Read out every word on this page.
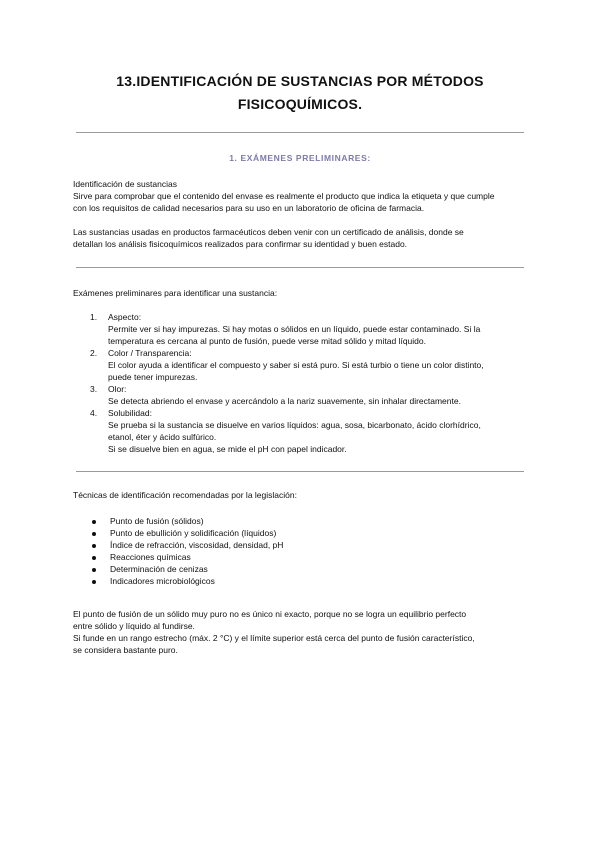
13.IDENTIFICACIÓN DE SUSTANCIAS POR MÉTODOS
FISICOQUÍMICOS.
1. EXÁMENES PRELIMINARES:

Identificación de sustancias

Sirve para comprobar que el contenido del envase es realmente el producto que indica la etiqueta y que cumple

con los requisitos de calidad necesarios para su uso en un laboratorio de oficina de farmacia.

Las sustancias usadas en productos farmacéuticos deben venir con un certificado de análisis, donde se

detallan los análisis fisicoquímicos realizados para confirmar su identidad y buen estado.

Exámenes preliminares para identificar una sustancia:

1. Aspecto:
Permite ver si hay impurezas. Si hay motas o sólidos en un líquido, puede estar contaminado. Si la
temperatura es cercana al punto de fusión, puede verse mitad sólido y mitad líquido.
2. Color / Transparencia:
El color ayuda a identificar el compuesto y saber si está puro. Si está turbio o tiene un color distinto,
puede tener impurezas.
3. Olor:
Se detecta abriendo el envase y acercándolo a la nariz suavemente, sin inhalar directamente.
4. Solubilidad:
Se prueba si la sustancia se disuelve en varios líquidos: agua, sosa, bicarbonato, ácido clorhídrico,
etanol, éter y ácido sulfúrico.
Si se disuelve bien en agua, se mide el pH con papel indicador.

Técnicas de identificación recomendadas por la legislación:

Punto de fusión (sólidos)
Punto de ebullición y solidificación (líquidos)
Índice de refracción, viscosidad, densidad, pH
Reacciones químicas
Determinación de cenizas
Indicadores microbiológicos

El punto de fusión de un sólido muy puro no es único ni exacto, porque no se logra un equilibrio perfecto

entre sólido y líquido al fundirse.

Si funde en un rango estrecho (máx. 2 °C) y el límite superior está cerca del punto de fusión característico,

se considera bastante puro.
